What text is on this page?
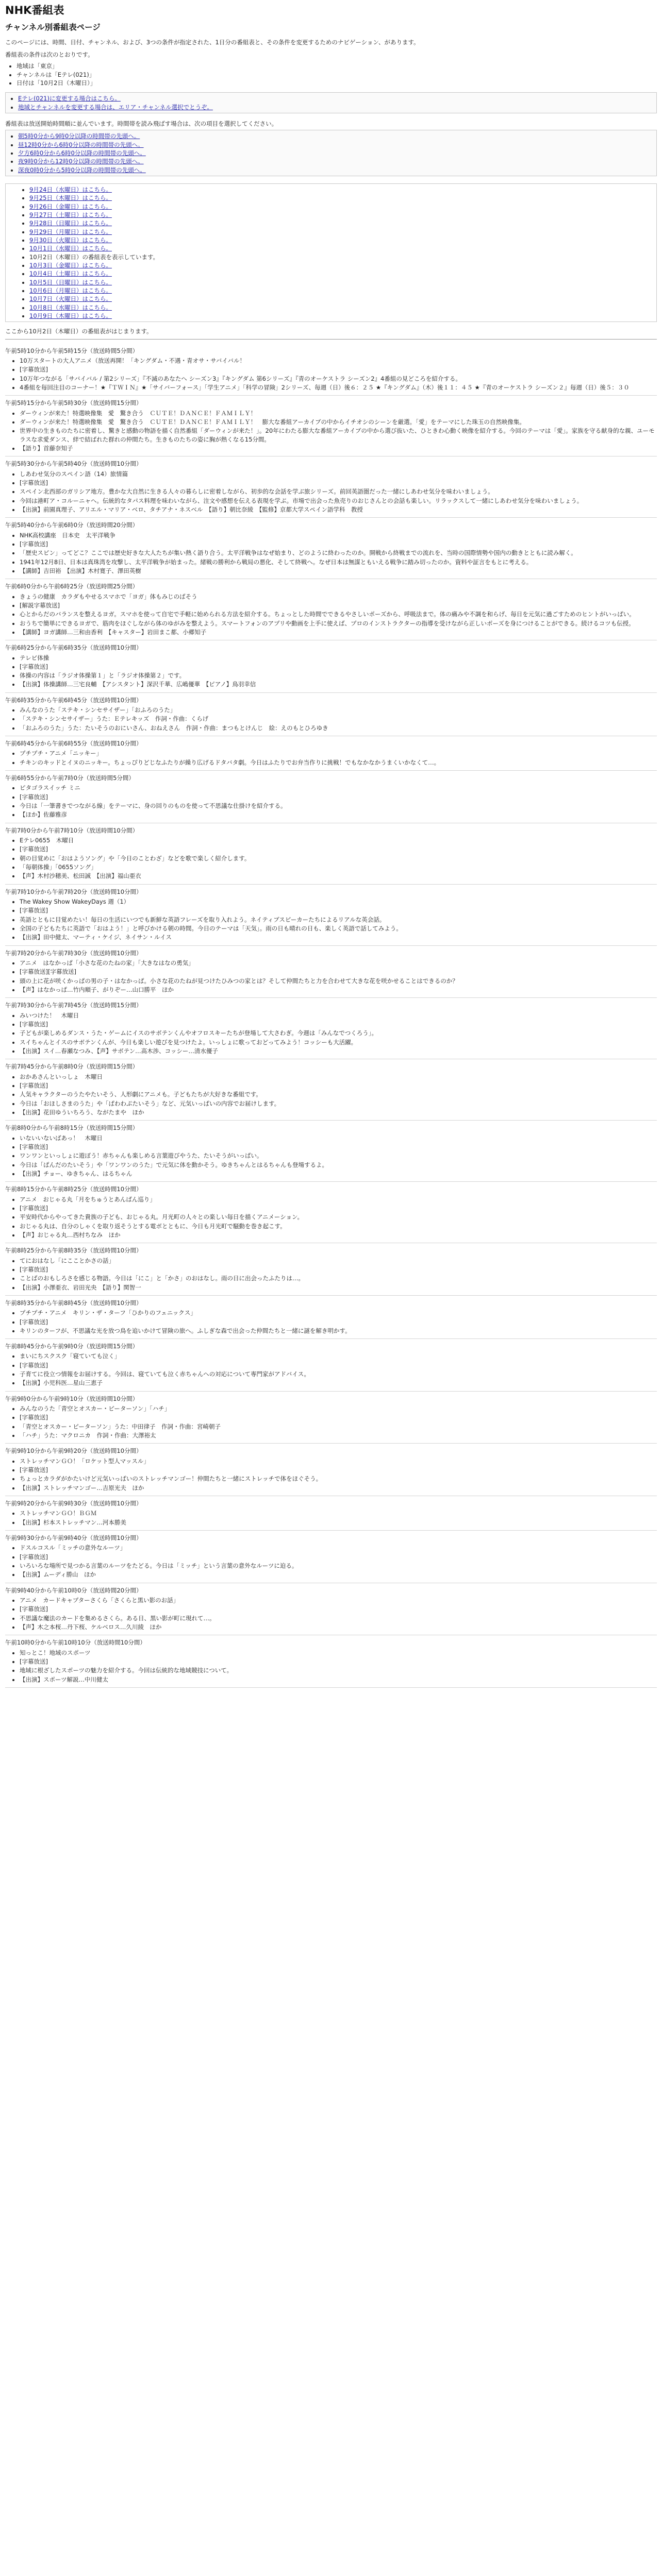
NHK番組表
チャンネル別番組表ページ

このページには、時間、日付、チャンネル、および、3つの条件が指定された、1日分の番組表と、その条件を変更するためのナビゲーション、があります。

番組表の条件は次のとおりです。

• 地域は「東京」
• チャンネルは「Eテレ(021)」
• 日付は「10月2日（木曜日）」
• Eテレ(021)に変更する場合はこちら。
• 地域とチャンネルを変更する場合は、エリア・チャンネル選択でとうぞ。

番組表は放送開始時間順に並んでいます。時間帯を読み飛ばす場合は、次の項目を選択してください。

• 朝5時0分から9時0分以降の時間帯の先頭へ。
• 昼12時0分から6時0分以降の時間帯の先頭へ。
• 夕方6時0分から6時0分以降の時間帯の先頭へ。
• 夜9時0分から12時0分以降の時間帯の先頭へ。
• 深夜0時0分から5時0分以降の時間帯の先頭へ。
• 9月24日（水曜日）はこちら。
• 9月25日（木曜日）はこちら。
• 9月26日（金曜日）はこちら。
• 9月27日（土曜日）はこちら。
• 9月28日（日曜日）はこちら。
• 9月29日（月曜日）はこちら。
• 9月30日（火曜日）はこちら。
• 10月1日（水曜日）はこちら。
• 10月2日（木曜日）の番組表を表示しています。
• 10月3日（金曜日）はこちら。
• 10月4日（土曜日）はこちら。
• 10月5日（日曜日）はこちら。
• 10月6日（月曜日）はこちら。
• 10月7日（火曜日）はこちら。
• 10月8日（水曜日）はこちら。
• 10月9日（木曜日）はこちら。

ここから10月2日（木曜日）の番組表がはじまります。

午前5時10分から午前5時15分（放送時間5分間）
• 10万スタートの大人アニメ（放送再開！「キングダム・不遇・青オサ・サバイバル！
• [字幕放送]
• 10万年つながる「サバイバル / 第2シリーズ」『不滅のあなたへ シーズン3』『キングダム 第6シリーズ』『青のオーケストラ シーズン2』4番組の見どころを紹介する。
• 4番組を毎回注目のコーナー！★『ＴＷＩＮ』★「サイバーフォース」「学生アニメ」「科学の冒険」2シリーズ、毎週（日）後６：２５ ★『キングダム』（木）後１１：４５ ★『青のオーケストラ シーズン２』毎週（日）後５：３０
午前5時15分から午前5時30分（放送時間15分間）
• ダーウィンが来た！特選映像集　愛　驚き合う　ＣＵＴＥ！ＤＡＮＣＥ！ＦＡＭＩＬＹ！
• ダーウィンが来た！特選映像集　愛　驚き合う　ＣＵＴＥ！ＤＡＮＣＥ！ＦＡＭＩＬＹ！　膨大な番組アーカイブの中からイチオシのシーンを厳選。「愛」をテーマにした珠玉の自然映像集。
• 世界中の生きものたちに密着し、驚きと感動の物語を描く自然番組「ダーウィンが来た！」。20年にわたる膨大な番組アーカイブの中から選び抜いた、ひときわ心動く映像を紹介する。今回のテーマは「愛」。家族を守る献身的な親、ユーモラスな求愛ダンス、絆で結ばれた群れの仲間たち。生きものたちの姿に胸が熱くなる15分間。
• 【語り】首藤奈知子
午前5時30分から午前5時40分（放送時間10分間）
• しあわせ気分のスペイン語（14）旅情篇
• [字幕放送]
• スペイン北西部のガリシア地方。豊かな大自然に生きる人々の暮らしに密着しながら、初歩的な会話を学ぶ旅シリーズ。前回英語圏だった一緒にしあわせ気分を味わいましょう。
• 今回は港町ア・コルーニャへ。伝統的なタパス料理を味わいながら、注文や感想を伝える表現を学ぶ。市場で出会った魚売りのおじさんとの会話も楽しい。リラックスして一緒にしあわせ気分を味わいましょう。
• 【出演】前園真理子、アリエル・マリア・ベロ、タチアナ・ネスベル　【語り】朝比奈綾　【監修】京都大学スペイン語学科　教授
午前5時40分から午前6時0分（放送時間20分間）
• NHK高校講座　日本史　太平洋戦争
• [字幕放送]
• 「歴史スピン」ってどこ？ここでは歴史好きな大人たちが集い熱く語り合う。太平洋戦争はなぜ始まり、どのように終わったのか。開戦から終戦までの流れを、当時の国際情勢や国内の動きとともに読み解く。
• 1941年12月8日、日本は真珠湾を攻撃し、太平洋戦争が始まった。緒戦の勝利から戦局の悪化、そして終戦へ。なぜ日本は無謀ともいえる戦争に踏み切ったのか。資料や証言をもとに考える。
• 【講師】吉田裕　【出演】木村寛子、澤田英樹
午前6時0分から午前6時25分（放送時間25分間）
• きょうの健康　カラダもやせるスマホで「ヨガ」体もみじのばそう
• [解説字幕放送]
• 心とからだのバランスを整えるヨガ。スマホを使って自宅で手軽に始められる方法を紹介する。ちょっとした時間でできるやさしいポーズから、呼吸法まで。体の痛みや不調を和らげ、毎日を元気に過ごすためのヒントがいっぱい。
• おうちで簡単にできるヨガで、筋肉をほぐしながら体のゆがみを整えよう。スマートフォンのアプリや動画を上手に使えば、プロのインストラクターの指導を受けながら正しいポーズを身につけることができる。続けるコツも伝授。
• 【講師】ヨガ講師…三和由香利　【キャスター】岩田まこ都、小郷知子
午前6時25分から午前6時35分（放送時間10分間）
• テレビ体操
• [字幕放送]
• 体操の内容は「ラジオ体操第１」と「ラジオ体操第２」です。
• 【出演】体操講師…三宅良輔　【アシスタント】深沢千華、広嶋優華　【ピアノ】鳥羽幸信
午前6時35分から午前6時45分（放送時間10分間）
• みんなのうた「ステキ・シンセサイザー」「おふろのうた」
• 「ステキ・シンセサイザー」うた：Ｅテレキッズ　作詞・作曲：くらげ
• 「おふろのうた」うた：たいそうのおにいさん、おねえさん　作詞・作曲：まつもとけんじ　絵：えのもとひろゆき
午前6時45分から午前6時55分（放送時間10分間）
• プチプチ・アニメ「ニッキー」
• チキンのキッドとイヌのニッキー。ちょっぴりどじなふたりが繰り広げるドタバタ劇。今日はふたりでお弁当作りに挑戦！でもなかなかうまくいかなくて…。
午前6時55分から午前7時0分（放送時間5分間）
• ピタゴラスイッチ ミニ
• [字幕放送]
• 今日は「一筆書きでつながる線」をテーマに、身の回りのものを使って不思議な仕掛けを紹介する。
• 【ほか】佐藤雅彦
午前7時0分から午前7時10分（放送時間10分間）
• Eテレ0655　木曜日
• [字幕放送]
• 朝の目覚めに「おはようソング」や「今日のことわざ」などを歌で楽しく紹介します。
• 「毎朝体操」「0655ソング」
• 【声】木村沙穂美、松田誠　【出演】福山亜衣
午前7時10分から午前7時20分（放送時間10分間）
• The Wakey Show WakeyDays 週（1）
• [字幕放送]
• 英語とともに目覚めたい！毎日の生活にいつでも新鮮な英語フレーズを取り入れよう。ネイティブスピーカーたちによるリアルな英会話。
• 全国の子どもたちに英語で「おはよう！」と呼びかける朝の時間。今日のテーマは「天気」。雨の日も晴れの日も、楽しく英語で話してみよう。
• 【出演】田中健太、マーティ・ケイジ、ネイサン・ルイス
午前7時20分から午前7時30分（放送時間10分間）
• アニメ　はなかっぱ「小さな花のたねの家」「大きなはなの勇気」
• [字幕放送][字幕放送]
• 頭の上に花が咲くかっぱの男の子・はなかっぱ。小さな花のたねが見つけたひみつの家とは？そして仲間たちと力を合わせて大きな花を咲かせることはできるのか？
• 【声】はなかっぱ…竹内順子、がりぞー…山口勝平　ほか
午前7時30分から午前7時45分（放送時間15分間）
• みいつけた！　木曜日
• [字幕放送]
• 子どもが楽しめるダンス・うた・ゲームにイスのサボテンくんやオフロスキーたちが登場して大さわぎ。今週は「みんなでつくろう」。
• スイちゃんとイスのサボテンくんが、今日も楽しい遊びを見つけたよ。いっしょに歌っておどってみよう！コッシーも大活躍。
• 【出演】スイ…春瀬なつみ、【声】サボテン…高木渉、コッシー…清水優子
午前7時45分から午前8時0分（放送時間15分間）
• おかあさんといっしょ　木曜日
• [字幕放送]
• 人気キャラクターのうたやたいそう、人形劇にアニメも。子どもたちが大好きな番組です。
• 今日は「おほしさまのうた」や「ぱわわぷたいそう」など、元気いっぱいの内容でお届けします。
• 【出演】花田ゆういちろう、ながたまや　ほか
午前8時0分から午前8時15分（放送時間15分間）
• いないいないばあっ！　木曜日
• [字幕放送]
• ワンワンといっしょに遊ぼう！赤ちゃんも楽しめる言葉遊びやうた、たいそうがいっぱい。
• 今日は「ぱんだのたいそう」や「ワンワンのうた」で元気に体を動かそう。ゆきちゃんとはるちゃんも登場するよ。
• 【出演】チョー、ゆきちゃん、はるちゃん
午前8時15分から午前8時25分（放送時間10分間）
• アニメ　おじゃる丸「月をちゅうとあんぱん巡り」
• [字幕放送]
• 平安時代からやってきた貴族の子ども、おじゃる丸。月光町の人々との楽しい毎日を描くアニメーション。
• おじゃる丸は、自分のしゃくを取り返そうとする電ボとともに、今日も月光町で騒動を巻き起こす。
• 【声】おじゃる丸…西村ちなみ　ほか
午前8時25分から午前8時35分（放送時間10分間）
• てにおはなし「にこことかさの話」
• [字幕放送]
• ことばのおもしろさを感じる物語。今日は「にこ」と「かさ」のおはなし。雨の日に出会ったふたりは…。
• 【出演】小澤亜衣、岩田光央　【語り】関智一
午前8時35分から午前8時45分（放送時間10分間）
• プチプチ・アニメ　キリン・ザ・ターフ「ひかりのフェニックス」
• [字幕放送]
• キリンのターフが、不思議な光を放つ鳥を追いかけて冒険の旅へ。ふしぎな森で出会った仲間たちと一緒に謎を解き明かす。
午前8時45分から午前9時0分（放送時間15分間）
• まいにちスクスク「寝ていても泣く」
• [字幕放送]
• 子育てに役立つ情報をお届けする。今回は、寝ていても泣く赤ちゃんへの対応について専門家がアドバイス。
• 【出演】小児科医…星山三恵子
午前9時0分から午前9時10分（放送時間10分間）
• みんなのうた「青空とオスカー・ピーターソン」「ハチ」
• [字幕放送]
• 「青空とオスカー・ピーターソン」うた：中田律子　作詞・作曲：宮崎朝子
• 「ハチ」うた：マクロニカ　作詞・作曲：大澤裕太
午前9時10分から午前9時20分（放送時間10分間）
• ストレッチマンＧＯ！「ロケット型人マッスル」
• [字幕放送]
• ちょっとカラダがかたいけど元気いっぱいのストレッチマンゴー！仲間たちと一緒にストレッチで体をほぐそう。
• 【出演】ストレッチマンゴー…吉原光夫　ほか
午前9時20分から午前9時30分（放送時間10分間）
• ストレッチマンＧＯ！ＢＧＭ
• 【出演】杉本ストレッチマン…河本勝美
午前9時30分から午前9時40分（放送時間10分間）
• ドスルコスル「ミッチの意外なルーツ」
• [字幕放送]
• いろいろな場所で見つかる言葉のルーツをたどる。今日は「ミッチ」という言葉の意外なルーツに迫る。
• 【出演】ムーディ勝山　ほか
午前9時40分から午前10時0分（放送時間20分間）
• アニメ　カードキャプターさくら「さくらと黒い影のお話」
• [字幕放送]
• 不思議な魔法のカードを集めるさくら。ある日、黒い影が町に現れて…。
• 【声】木之本桜…丹下桜、ケルベロス…久川綾　ほか
午前10時0分から午前10時10分（放送時間10分間）
• 知っとこ！地域のスポーツ
• [字幕放送]
• 地域に根ざしたスポーツの魅力を紹介する。今回は伝統的な地域競技について。
• 【出演】スポーツ解説…中川健太
